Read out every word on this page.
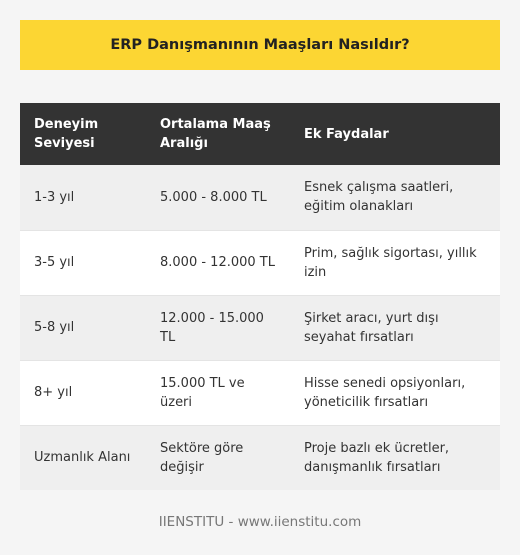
ERP Danışmanının Maaşları Nasıldır?
Deneyim Seviyesi	Ortalama Maaş Aralığı	Ek Faydalar
1-3 yıl	5.000 - 8.000 TL	Esnek çalışma saatleri, eğitim olanakları
3-5 yıl	8.000 - 12.000 TL	Prim, sağlık sigortası, yıllık izin
5-8 yıl	12.000 - 15.000 TL	Şirket aracı, yurt dışı seyahat fırsatları
8+ yıl	15.000 TL ve üzeri	Hisse senedi opsiyonları, yöneticilik fırsatları
Uzmanlık Alanı	Sektöre göre değişir	Proje bazlı ek ücretler, danışmanlık fırsatları
IIENSTITU - www.iienstitu.com
